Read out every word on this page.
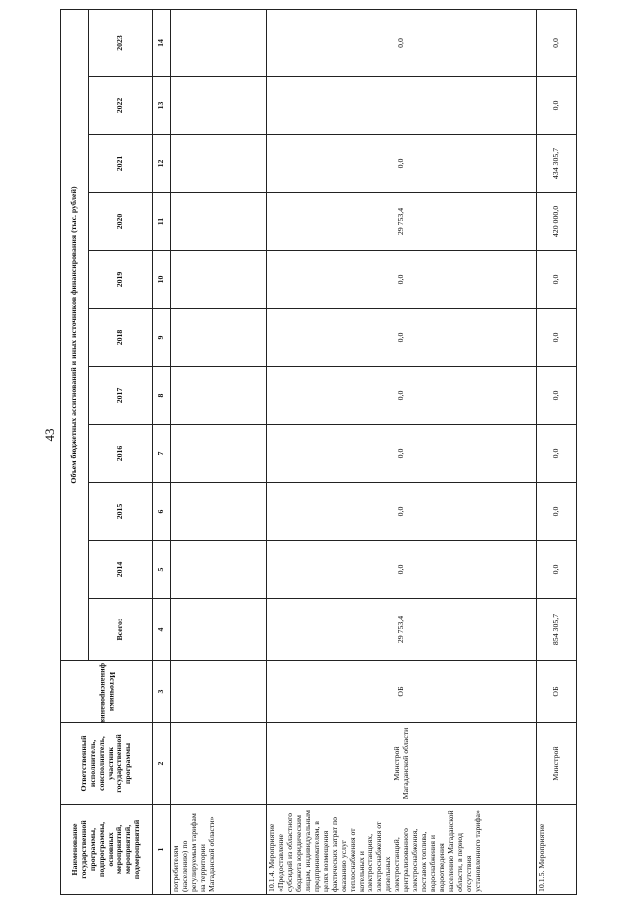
43
Наименование государственной программы, подпрограммы, основных мероприятий, мероприятий, подмероприятий	Ответственный исполнитель, соисполнитель, участник государственной программы	Источники финансирования	Объем бюджетных ассигнований и иных источников финансирования (тыс. рублей)										
			Всего:	2014	2015	2016	2017	2018	2019	2020	2021	2022	2023
1	2	3	4	5	6	7	8	9	10	11	12	13	14
потребителям (населению) по регулируемым тарифам на территории Магаданской области»													
10.1.4. Мероприятие «Предоставление субсидий из областного бюджета юридическим лицам, индивидуальным предпринимателям, в целях возмещения фактических затрат по оказанию услуг теплоснабжения от котельных и электростанциях, электроснабжения от дизельных электростанций, централизованного электроснабжения, поставок топлива, водоснабжения и водоотведения населению Магаданской области, в период отсутствия установленного тарифа»	Минстрой Магаданской области	ОБ	29 753,4	0,0	0,0	0,0	0,0	0,0	0,0	29 753,4	0,0		0,0
10.1.5. Мероприятие	Минстрой	ОБ	854 305,7	0,0	0,0	0,0	0,0	0,0	0,0	420 000,0	434 305,7	0,0	0,0
